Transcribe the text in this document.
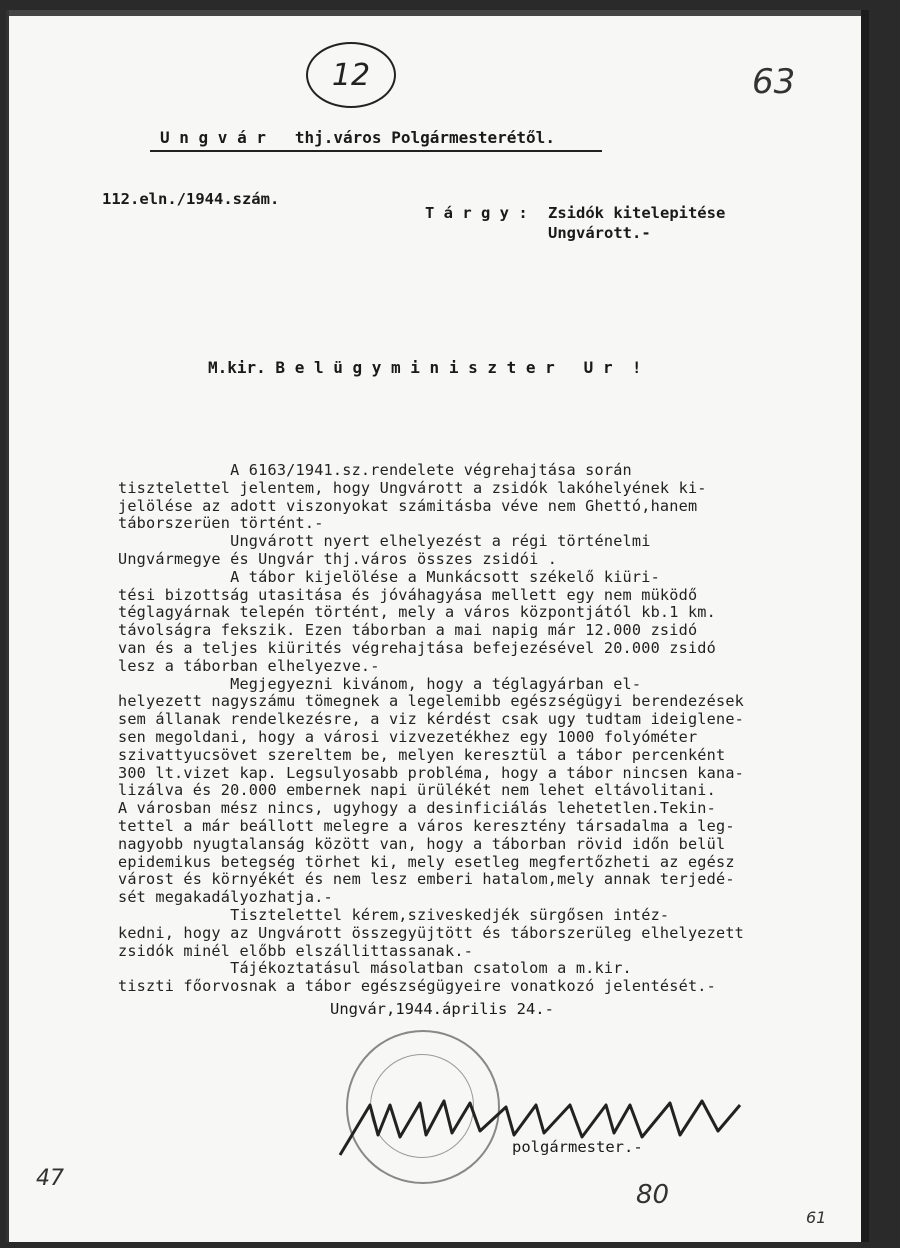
12	63
U n g v á r   thj.város Polgármesterétől.
112.eln./1944.szám.
T á r g y : Zsidók kitelepitése
Ungvárott.-
M.kir. B e l ü g y m i n i s z t e r   U r  !
A 6163/1941.sz.rendelete végrehajtása során
tisztelettel jelentem, hogy Ungvárott a zsidók lakóhelyének ki-
jelölése az adott viszonyokat számitásba véve nem Ghettó,hanem
táborszerüen történt.-
Ungvárott nyert elhelyezést a régi történelmi
Ungvármegye és Ungvár thj.város összes zsidói .
A tábor kijelölése a Munkácsott székelő kiüri-
tési bizottság utasitása és jóváhagyása mellett egy nem müködő
téglagyárnak telepén történt, mely a város központjától kb.1 km.
távolságra fekszik. Ezen táborban a mai napig már 12.000 zsidó
van és a teljes kiürités végrehajtása befejezésével 20.000 zsidó
lesz a táborban elhelyezve.-
Megjegyezni kivánom, hogy a téglagyárban el-
helyezett nagyszámu tömegnek a legelemibb egészségügyi berendezések
sem állanak rendelkezésre, a viz kérdést csak ugy tudtam ideiglene-
sen megoldani, hogy a városi vizvezetékhez egy 1000 folyóméter
szivattyucsövet szereltem be, melyen keresztül a tábor percenként
300 lt.vizet kap. Legsulyosabb probléma, hogy a tábor nincsen kana-
lizálva és 20.000 embernek napi ürülékét nem lehet eltávolitani.
A városban mész nincs, ugyhogy a desinficiálás lehetetlen.Tekin-
tettel a már beállott melegre a város keresztény társadalma a leg-
nagyobb nyugtalanság között van, hogy a táborban rövid időn belül
epidemikus betegség törhet ki, mely esetleg megfertőzheti az egész
várost és környékét és nem lesz emberi hatalom,mely annak terjedé-
sét megakadályozhatja.-
Tisztelettel kérem,sziveskedjék sürgősen intéz-
kedni, hogy az Ungvárott összegyüjtött és táborszerüleg elhelyezett
zsidók minél előbb elszállittassanak.-
Tájékoztatásul másolatban csatolom a m.kir.
tiszti főorvosnak a tábor egészségügyeire vonatkozó jelentését.-
Ungvár,1944.április 24.-
polgármester.-
47
80
61
